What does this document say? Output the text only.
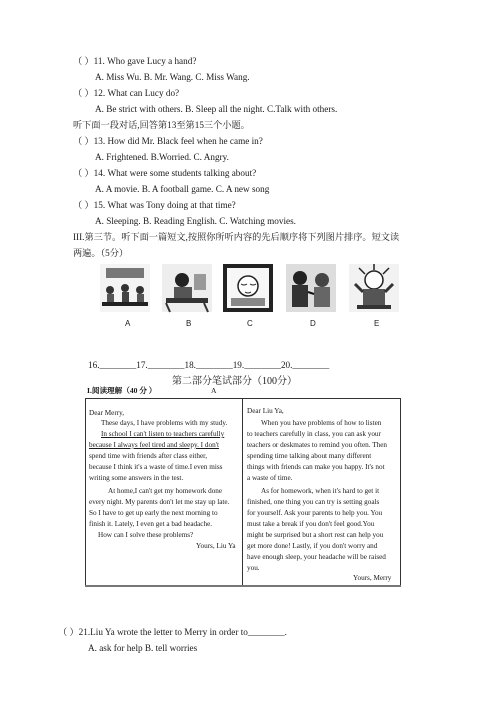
（ ）11. Who gave Lucy a hand?
A. Miss Wu. B. Mr. Wang. C. Miss Wang.
（ ）12. What can Lucy do?
A. Be strict with others. B. Sleep all the night. C.Talk with others.
听下面一段对话,回答第13至第15三个小题。
（ ）13. How did Mr. Black feel when he came in?
A. Frightened. B.Worried. C. Angry.
（ ）14. What were some students talking about?
A. A movie. B. A football game. C. A new song
（ ）15. What was Tony doing at that time?
A. Sleeping. B. Reading English. C. Watching movies.
III.第三节。听下面一篇短文,按照你所听内容的先后顺序将下列图片排序。短文读
两遍。（5分）
A	B	C	D	E
16.________17.________18.________19.________20.________
第二部分笔试部分（100分）
I.阅读理解（40 分 ）	A
Dear Merry,
These days, I have problems with my study.
In school I can't listen to teachers carefully
because I always feel tired and sleepy. I don't
spend time with friends after class either,
because I think it's a waste of time.I even miss
writing some answers in the test.
At home,I can't get my homework done
every night. My parents don't let me stay up late.
So I have to get up early the next morning to
finish it. Lately, I even get a bad headache.
How can I solve these problems?
Yours, Liu Ya
Dear Liu Ya,
When you have problems of how to listen
to teachers carefully in class, you can ask your
teachers or deskmates to remind you often. Then
spending time talking about many different
things with friends can make you happy. It's not
a waste of time.
As for homework, when it's hard to get it
finished, one thing you can try is setting goals
for yourself. Ask your parents to help you. You
must take a break if you don't feel good.You
might be surprised but a short rest can help you
get more done! Lastly, if you don't worry and
have enough sleep, your headache will be raised
you.
Yours, Merry
（ ）21.Liu Ya wrote the letter to Merry in order to________.
A. ask for help B. tell worries
